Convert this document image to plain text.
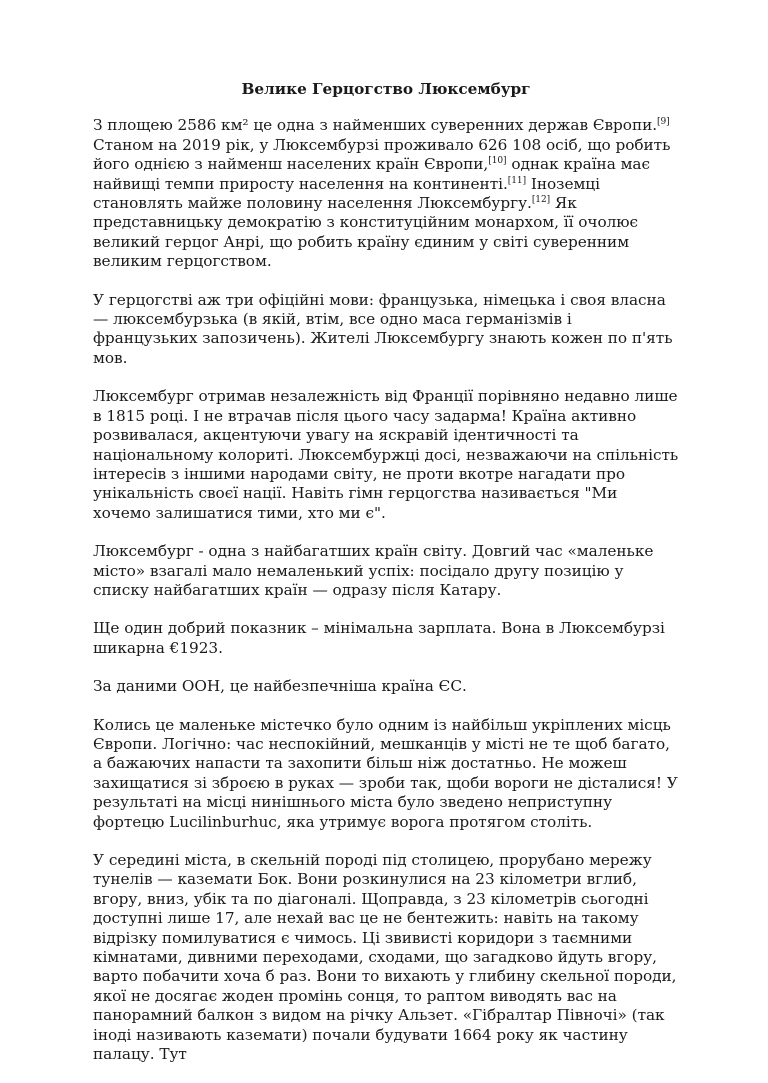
Велике Герцогство Люксембург

З площею 2586 км² це одна з найменших суверенних держав Європи.[9] Станом на 2019 рік, у Люксембурзі проживало 626 108 осіб, що робить його однією з найменш населених країн Європи,[10] однак країна має найвищі темпи приросту населення на континенті.[11] Іноземці становлять майже половину населення Люксембургу.[12] Як представницьку демократію з конституційним монархом, її очолює великий герцог Анрі, що робить країну єдиним у світі суверенним великим герцогством.

У герцогстві аж три офіційні мови: французька, німецька і своя власна — люксембурзька (в якій, втім, все одно маса германізмів і французьких запозичень). Жителі Люксембургу знають кожен по п'ять мов.

Люксембург отримав незалежність від Франції порівняно недавно лише в 1815 році. І не втрачав після цього часу задарма! Країна активно розвивалася, акцентуючи увагу на яскравій ідентичності та національному колориті. Люксембуржці досі, незважаючи на спільність інтересів з іншими народами світу, не проти вкотре нагадати про унікальність своєї нації. Навіть гімн герцогства називається "Ми хочемо залишатися тими, хто ми є".

Люксембург - одна з найбагатших країн світу. Довгий час «маленьке місто» взагалі мало немаленький успіх: посідало другу позицію у списку найбагатших країн — одразу після Катару.

Ще один добрий показник – мінімальна зарплата. Вона в Люксембурзі шикарна €1923.

За даними ООН, це найбезпечніша країна ЄС.

Колись це маленьке містечко було одним із найбільш укріплених місць Європи. Логічно: час неспокійний, мешканців у місті не те щоб багато, а бажаючих напасти та захопити більш ніж достатньо. Не можеш захищатися зі зброєю в руках — зроби так, щоби вороги не дісталися! У результаті на місці нинішнього міста було зведено неприступну фортецю Lucilinburhuc, яка утримує ворога протягом століть.

У середині міста, в скельній породі під столицею, прорубано мережу тунелів — каземати Бок. Вони розкинулися на 23 кілометри вглиб, вгору, вниз, убік та по діагоналі. Щоправда, з 23 кілометрів сьогодні доступні лише 17, але нехай вас це не бентежить: навіть на такому відрізку помилуватися є чимось. Ці звивисті коридори з таємними кімнатами, дивними переходами, сходами, що загадково йдуть вгору, варто побачити хоча б раз. Вони то вихають у глибину скельної породи, якої не досягає жоден промінь сонця, то раптом виводять вас на панорамний балкон з видом на річку Альзет. «Гібралтар Півночі» (так іноді називають каземати) почали будувати 1664 року як частину палацу. Тут
